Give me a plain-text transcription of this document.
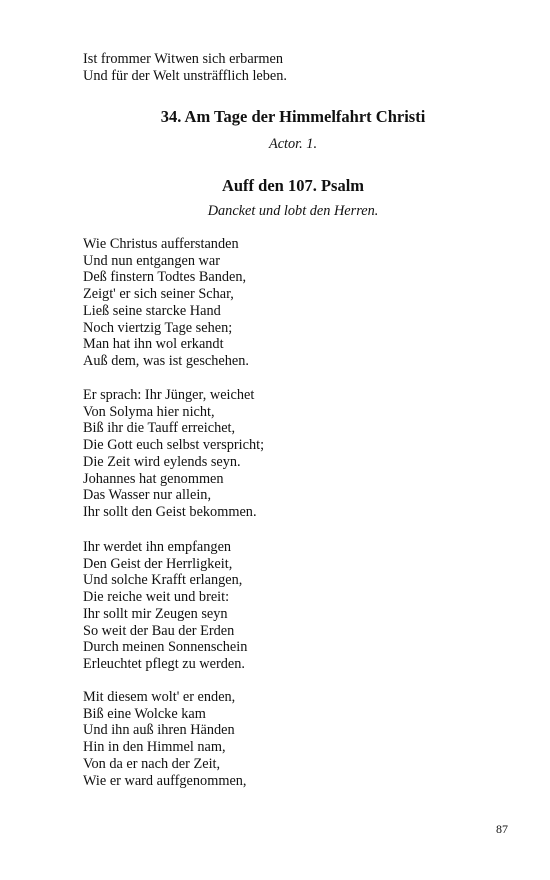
Ist frommer Witwen sich erbarmen
Und für der Welt unsträfflich leben.
34. Am Tage der Himmelfahrt Christi
Actor. 1.
Auff den 107. Psalm
Dancket und lobt den Herren.
Wie Christus aufferstanden
Und nun entgangen war
Deß finstern Todtes Banden,
Zeigt' er sich seiner Schar,
Ließ seine starcke Hand
Noch viertzig Tage sehen;
Man hat ihn wol erkandt
Auß dem, was ist geschehen.
Er sprach: Ihr Jünger, weichet
Von Solyma hier nicht,
Biß ihr die Tauff erreichet,
Die Gott euch selbst verspricht;
Die Zeit wird eylends seyn.
Johannes hat genommen
Das Wasser nur allein,
Ihr sollt den Geist bekommen.
Ihr werdet ihn empfangen
Den Geist der Herrligkeit,
Und solche Krafft erlangen,
Die reiche weit und breit:
Ihr sollt mir Zeugen seyn
So weit der Bau der Erden
Durch meinen Sonnenschein
Erleuchtet pflegt zu werden.
Mit diesem wolt' er enden,
Biß eine Wolcke kam
Und ihn auß ihren Händen
Hin in den Himmel nam,
Von da er nach der Zeit,
Wie er ward auffgenommen,
87
